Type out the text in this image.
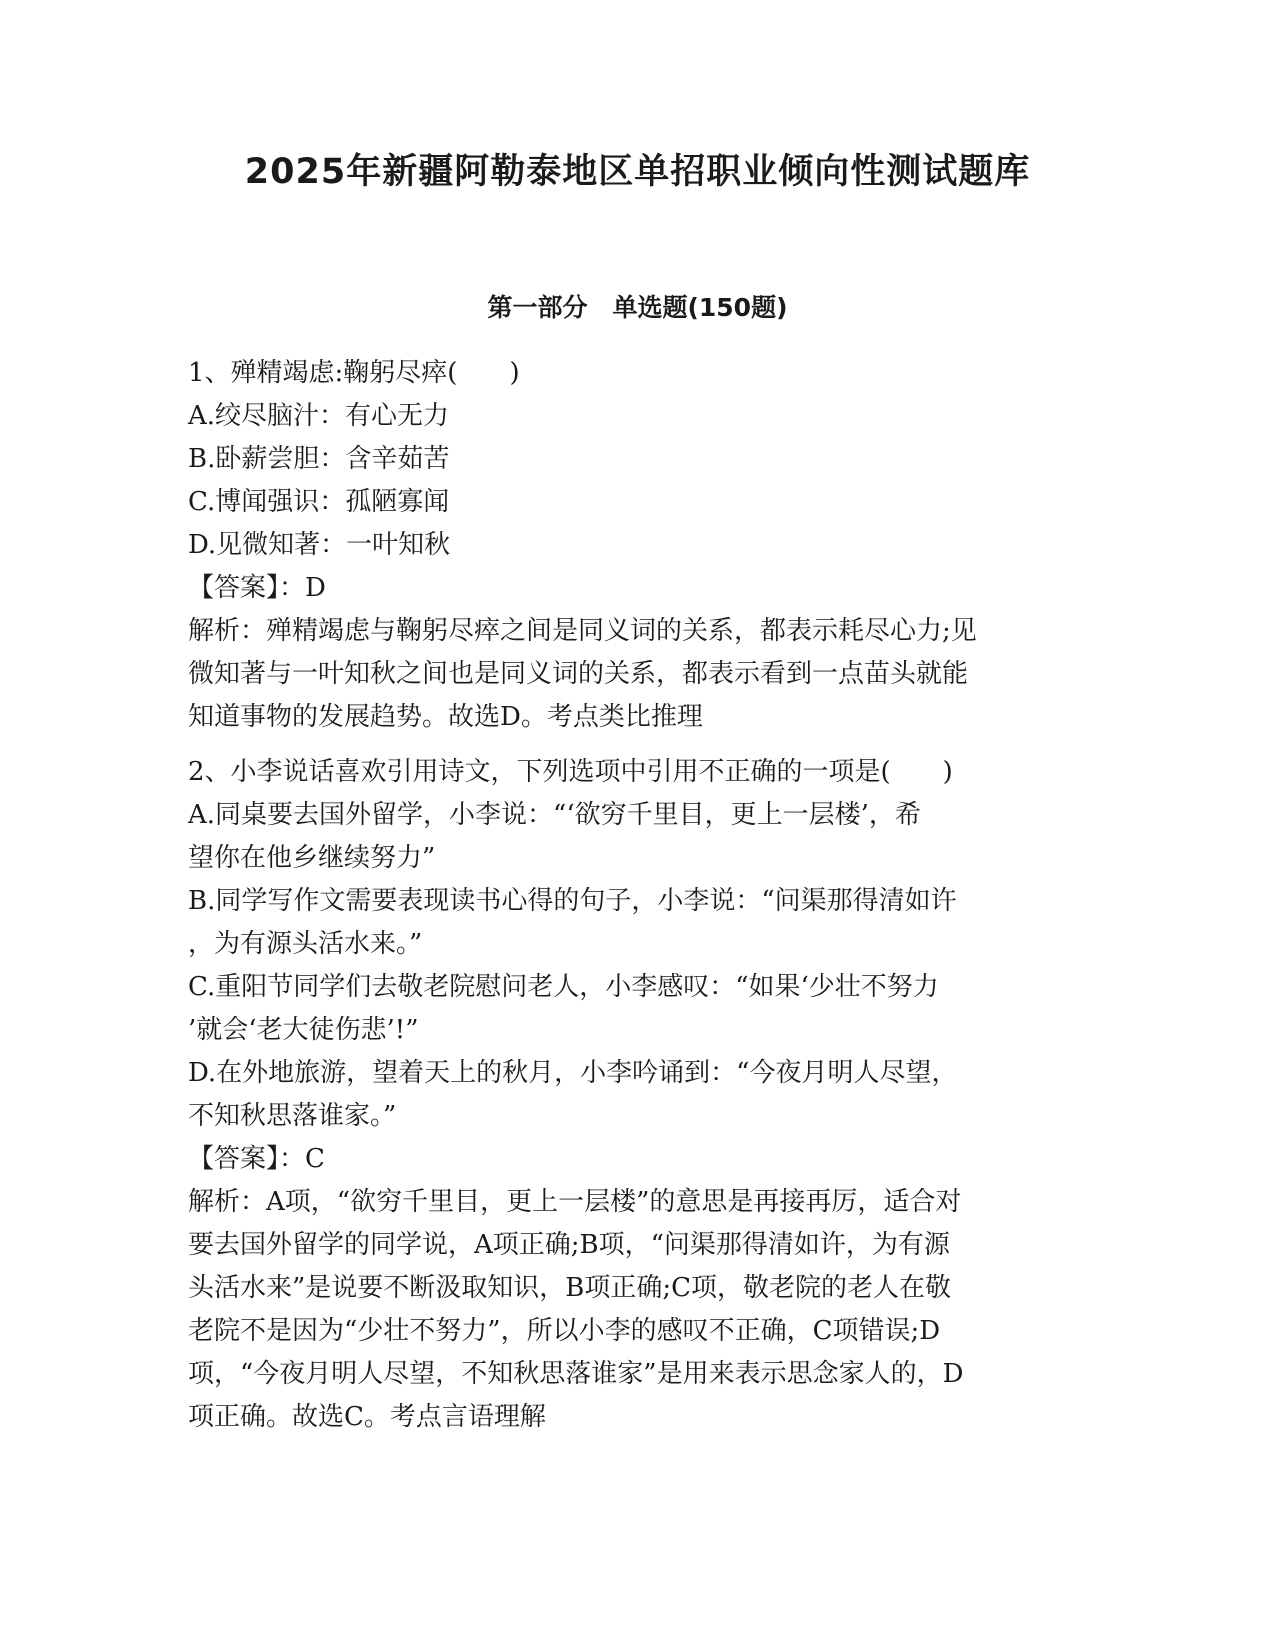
2025年新疆阿勒泰地区单招职业倾向性测试题库
第一部分　单选题(150题)

1、殚精竭虑:鞠躬尽瘁(　　)

A.绞尽脑汁：有心无力

B.卧薪尝胆：含辛茹苦

C.博闻强识：孤陋寡闻

D.见微知著：一叶知秋

【答案】：D

解析：殚精竭虑与鞠躬尽瘁之间是同义词的关系，都表示耗尽心力;见

微知著与一叶知秋之间也是同义词的关系，都表示看到一点苗头就能

知道事物的发展趋势。故选D。考点类比推理

2、小李说话喜欢引用诗文，下列选项中引用不正确的一项是(　　)

A.同桌要去国外留学，小李说：“‘欲穷千里目，更上一层楼’，希

望你在他乡继续努力”

B.同学写作文需要表现读书心得的句子，小李说：“问渠那得清如许

，为有源头活水来。”

C.重阳节同学们去敬老院慰问老人，小李感叹：“如果‘少壮不努力

’就会‘老大徒伤悲’!”

D.在外地旅游，望着天上的秋月，小李吟诵到：“今夜月明人尽望，

不知秋思落谁家。”

【答案】：C

解析：A项，“欲穷千里目，更上一层楼”的意思是再接再厉，适合对

要去国外留学的同学说，A项正确;B项，“问渠那得清如许，为有源

头活水来”是说要不断汲取知识，B项正确;C项，敬老院的老人在敬

老院不是因为“少壮不努力”，所以小李的感叹不正确，C项错误;D

项，“今夜月明人尽望，不知秋思落谁家”是用来表示思念家人的，D

项正确。故选C。考点言语理解
